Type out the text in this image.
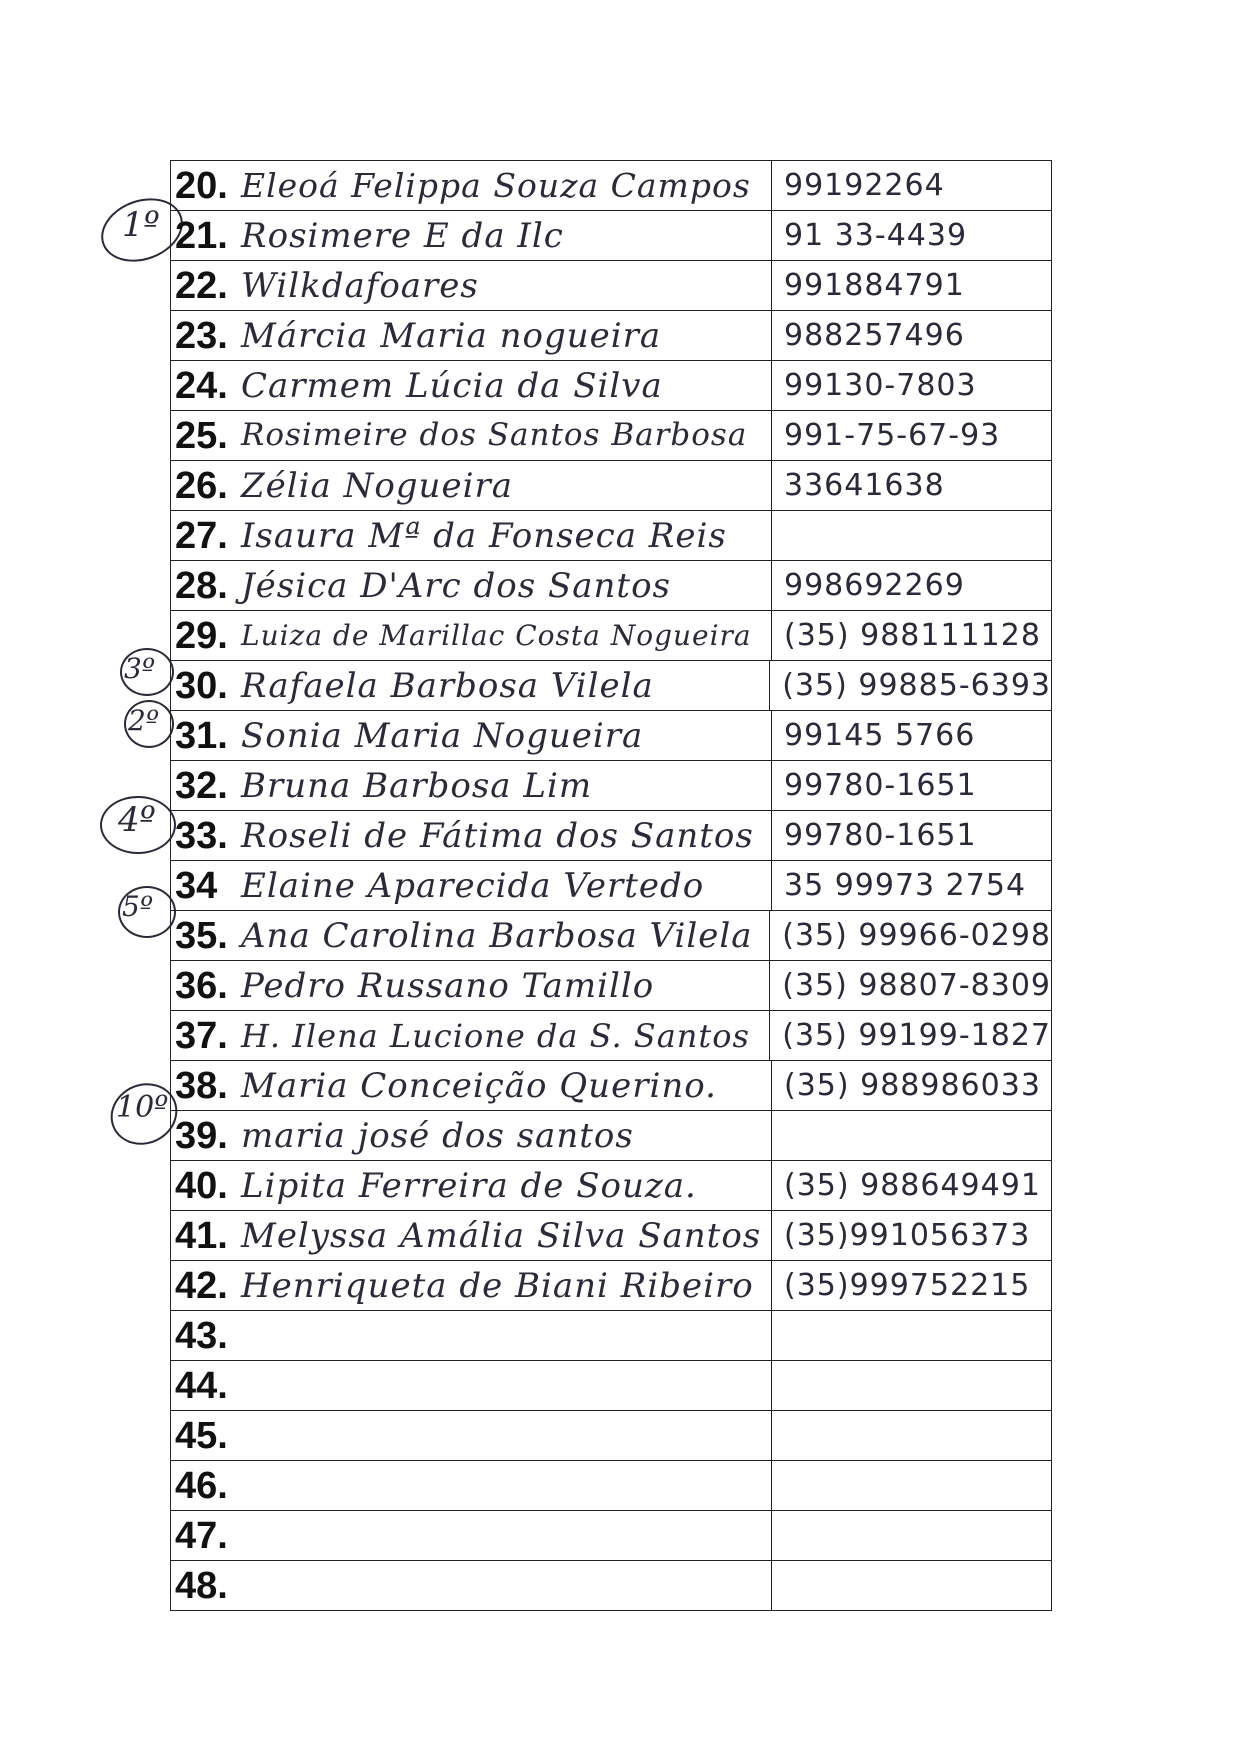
1º
3º
2º
4º
5º
10º
20. Eleoá Felippa Souza Campos	99192264
21. Rosimere E da Ilc	91 33-4439
22. Wilkdafoares	991884791
23. Márcia Maria nogueira	988257496
24. Carmem Lúcia da Silva	99130-7803
25. Rosimeire dos Santos Barbosa	991-75-67-93
26. Zélia Nogueira	33641638
27. Isaura Mª da Fonseca Reis
28. Jésica D'Arc dos Santos	998692269
29. Luiza de Marillac Costa Nogueira	(35) 988111128
30. Rafaela Barbosa Vilela	(35) 99885-6393
31. Sonia Maria Nogueira	99145 5766
32. Bruna Barbosa Lim	99780-1651
33. Roseli de Fátima dos Santos	99780-1651
34 Elaine Aparecida Vertedo	35 99973 2754
35. Ana Carolina Barbosa Vilela (35) 99966-0298
36. Pedro Russano Tamillo	(35) 98807-8309
37. H. Ilena Lucione da S. Santos	(35) 99199-1827
38. Maria Conceição Querino.	(35) 988986033
39. maria josé dos santos
40. Lipita Ferreira de Souza.	(35) 988649491
41. Melyssa Amália Silva Santos (35)991056373
42. Henriqueta de Biani Ribeiro	(35)999752215
43.
44.
45.
46.
47.
48.
